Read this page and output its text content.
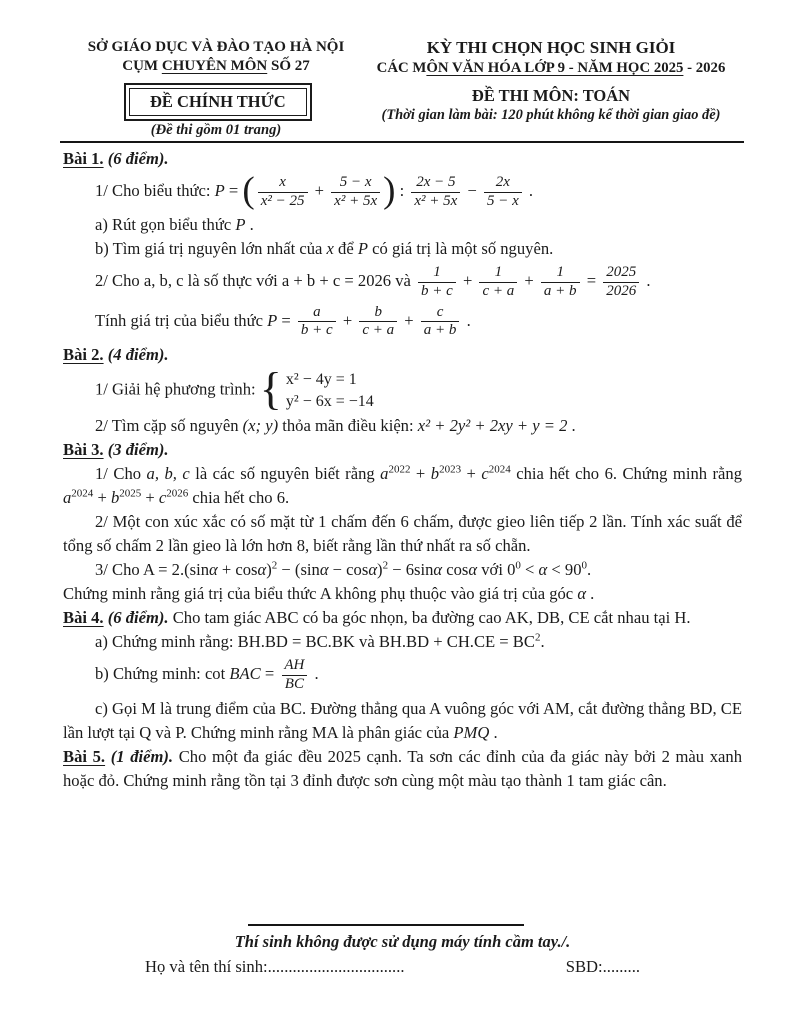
SỞ GIÁO DỤC VÀ ĐÀO TẠO HÀ NỘI
CỤM CHUYÊN MÔN SỐ 27
KỲ THI CHỌN HỌC SINH GIỎI
CÁC MÔN VĂN HÓA LỚP 9 - NĂM HỌC 2025 - 2026
ĐỀ CHÍNH THỨC	ĐỀ THI MÔN: TOÁN
(Thời gian làm bài: 120 phút không kể thời gian giao đề)
(Đề thi gồm 01 trang)
Bài 1. (6 điểm).
1/ Cho biểu thức: P = ( $\frac{x}{\text{x² − 25}} + \frac{5 - x}{\text{x² + 5x}}$ ) : $\frac{2x - 5}{\text{x² + 5x}} - \frac{2x}{5 - x}$ .
a) Rút gọn biểu thức P .
b) Tìm giá trị nguyên lớn nhất của x để P có giá trị là một số nguyên.
2/ Cho a, b, c là số thực với a + b + c = 2026 và $\frac{1}{b + c} + \frac{1}{c + a} + \frac{1}{a + b} = \frac{2025}{2026}$ .
Tính giá trị của biểu thức $P = \frac{a}{b + c} + \frac{b}{c + a} + \frac{c}{a + b}$ .
Bài 2. (4 điểm).
1/ Giải hệ phương trình: { x² − 4y = 1
y² − 6x = −14
2/ Tìm cặp số nguyên (x; y) thỏa mãn điều kiện: x² + 2y² + 2xy + y = 2 .
Bài 3. (3 điểm).
1/ Cho a, b, c là các số nguyên biết rằng $a^{2022} + b^{2023} + c^{2024}$ chia hết cho 6. Chứng minh rằng $a^{2024} + b^{2025} + c^{2026}$ chia hết cho 6.
2/ Một con xúc xắc có số mặt từ 1 chấm đến 6 chấm, được gieo liên tiếp 2 lần. Tính xác suất để tổng số chấm 2 lần gieo là lớn hơn 8, biết rằng lần thứ nhất ra số chẵn.
3/ Cho $A = 2.(\sin\alpha + \cos\alpha)^2 - (\sin\alpha - \cos\alpha)^2 - 6\sin\alpha$ cosα với $0^0 < \alpha < 90^0$.
Chứng minh rằng giá trị của biểu thức A không phụ thuộc vào giá trị của góc α .
Bài 4. (6 điểm). Cho tam giác ABC có ba góc nhọn, ba đường cao AK, DB, CE cắt nhau tại H.
a) Chứng minh rằng: BH.BD = BC.BK và $BH.BD + CH.CE = BC^2$.
b) Chứng minh: cot BAC = $\frac{AH}{BC}$ .
c) Gọi M là trung điểm của BC. Đường thẳng qua A vuông góc với AM, cắt đường thẳng BD, CE lần lượt tại Q và P. Chứng minh rằng MA là phân giác của PMQ .
Bài 5. (1 điểm). Cho một đa giác đều 2025 cạnh. Ta sơn các đỉnh của đa giác này bởi 2 màu xanh hoặc đỏ. Chứng minh rằng tồn tại 3 đỉnh được sơn cùng một màu tạo thành 1 tam giác cân.
Thí sinh không được sử dụng máy tính cầm tay./.
Họ và tên thí sinh:.................................	SBD:.........
